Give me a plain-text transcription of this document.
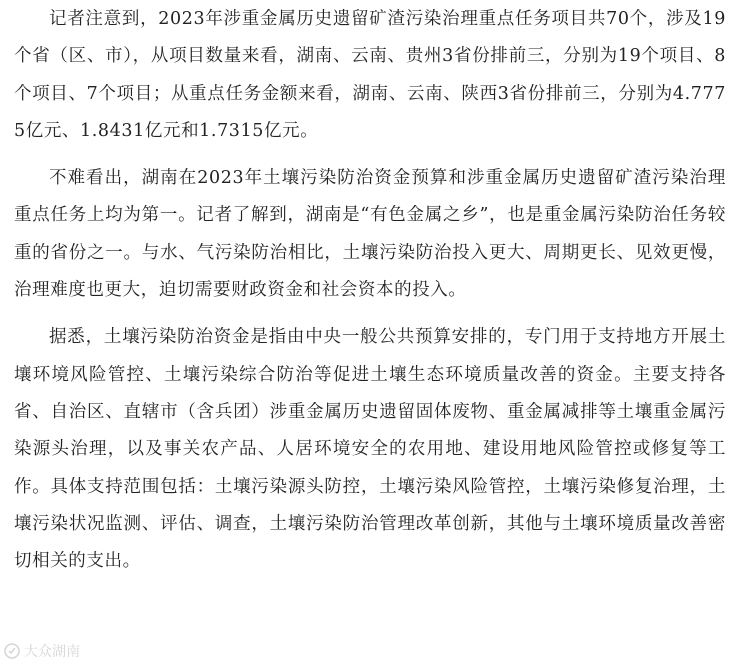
记者注意到，2023年涉重金属历史遗留矿渣污染治理重点任务项目共70个，涉及19个省（区、市），从项目数量来看，湖南、云南、贵州3省份排前三，分别为19个项目、8个项目、7个项目；从重点任务金额来看，湖南、云南、陕西3省份排前三，分别为4.7775亿元、1.8431亿元和1.7315亿元。

不难看出，湖南在2023年土壤污染防治资金预算和涉重金属历史遗留矿渣污染治理重点任务上均为第一。记者了解到，湖南是“有色金属之乡”，也是重金属污染防治任务较重的省份之一。与水、气污染防治相比，土壤污染防治投入更大、周期更长、见效更慢，治理难度也更大，迫切需要财政资金和社会资本的投入。

据悉，土壤污染防治资金是指由中央一般公共预算安排的，专门用于支持地方开展土壤环境风险管控、土壤污染综合防治等促进土壤生态环境质量改善的资金。主要支持各省、自治区、直辖市（含兵团）涉重金属历史遗留固体废物、重金属减排等土壤重金属污染源头治理，以及事关农产品、人居环境安全的农用地、建设用地风险管控或修复等工作。具体支持范围包括：土壤污染源头防控，土壤污染风险管控，土壤污染修复治理，土壤污染状况监测、评估、调查，土壤污染防治管理改革创新，其他与土壤环境质量改善密切相关的支出。

大众湖南
